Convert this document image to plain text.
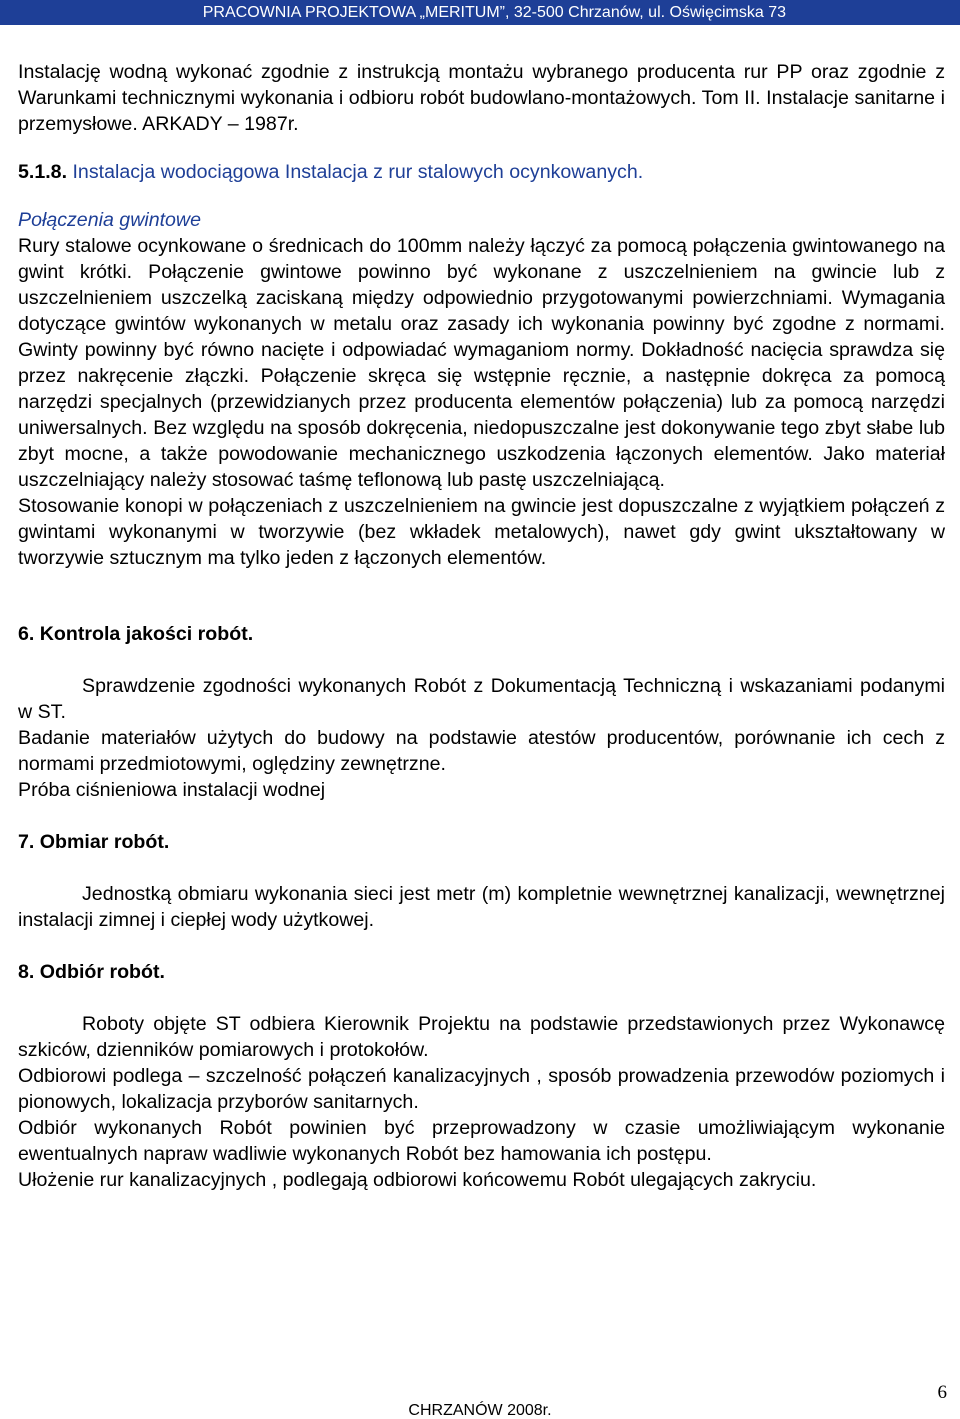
PRACOWNIA PROJEKTOWA „MERITUM”, 32-500 Chrzanów, ul. Oświęcimska 73

Instalację wodną wykonać zgodnie z instrukcją montażu wybranego producenta rur PP oraz zgodnie z Warunkami technicznymi wykonania i odbioru robót budowlano-montażowych. Tom II. Instalacje sanitarne i przemysłowe. ARKADY – 1987r.

5.1.8. Instalacja wodociągowa Instalacja z rur stalowych ocynkowanych.

Połączenia gwintowe

Rury stalowe ocynkowane o średnicach do 100mm należy łączyć za pomocą połączenia gwintowanego na gwint krótki. Połączenie gwintowe powinno być wykonane z uszczelnieniem na gwincie lub z uszczelnieniem uszczelką zaciskaną między odpowiednio przygotowanymi powierzchniami. Wymagania dotyczące gwintów wykonanych w metalu oraz zasady ich wykonania powinny być zgodne z normami. Gwinty powinny być równo nacięte i odpowiadać wymaganiom normy. Dokładność nacięcia sprawdza się przez nakręcenie złączki. Połączenie skręca się wstępnie ręcznie, a następnie dokręca za pomocą narzędzi specjalnych (przewidzianych przez producenta elementów połączenia) lub za pomocą narzędzi uniwersalnych. Bez względu na sposób dokręcenia, niedopuszczalne jest dokonywanie tego zbyt słabe lub zbyt mocne, a także powodowanie mechanicznego uszkodzenia łączonych elementów. Jako materiał uszczelniający należy stosować taśmę teflonową lub pastę uszczelniającą.

Stosowanie konopi w połączeniach z uszczelnieniem na gwincie jest dopuszczalne z wyjątkiem połączeń z gwintami wykonanymi w tworzywie (bez wkładek metalowych), nawet gdy gwint ukształtowany w tworzywie sztucznym ma tylko jeden z łączonych elementów.

6. Kontrola jakości robót.

Sprawdzenie zgodności wykonanych Robót z Dokumentacją Techniczną i wskazaniami podanymi w ST.

Badanie materiałów użytych do budowy na podstawie atestów producentów, porównanie ich cech z normami przedmiotowymi, oględziny zewnętrzne.

Próba ciśnieniowa instalacji wodnej

7. Obmiar robót.

Jednostką obmiaru wykonania sieci jest metr (m) kompletnie wewnętrznej kanalizacji, wewnętrznej instalacji zimnej i ciepłej wody użytkowej.

8. Odbiór robót.

Roboty objęte ST odbiera Kierownik Projektu na podstawie przedstawionych przez Wykonawcę szkiców, dzienników pomiarowych i protokołów.

Odbiorowi podlega – szczelność połączeń kanalizacyjnych , sposób prowadzenia przewodów poziomych i pionowych, lokalizacja przyborów sanitarnych.

Odbiór wykonanych Robót powinien być przeprowadzony w czasie umożliwiającym wykonanie ewentualnych napraw wadliwie wykonanych Robót bez hamowania ich postępu.

Ułożenie rur kanalizacyjnych , podlegają odbiorowi końcowemu Robót ulegających zakryciu.

6
CHRZANÓW 2008r.
